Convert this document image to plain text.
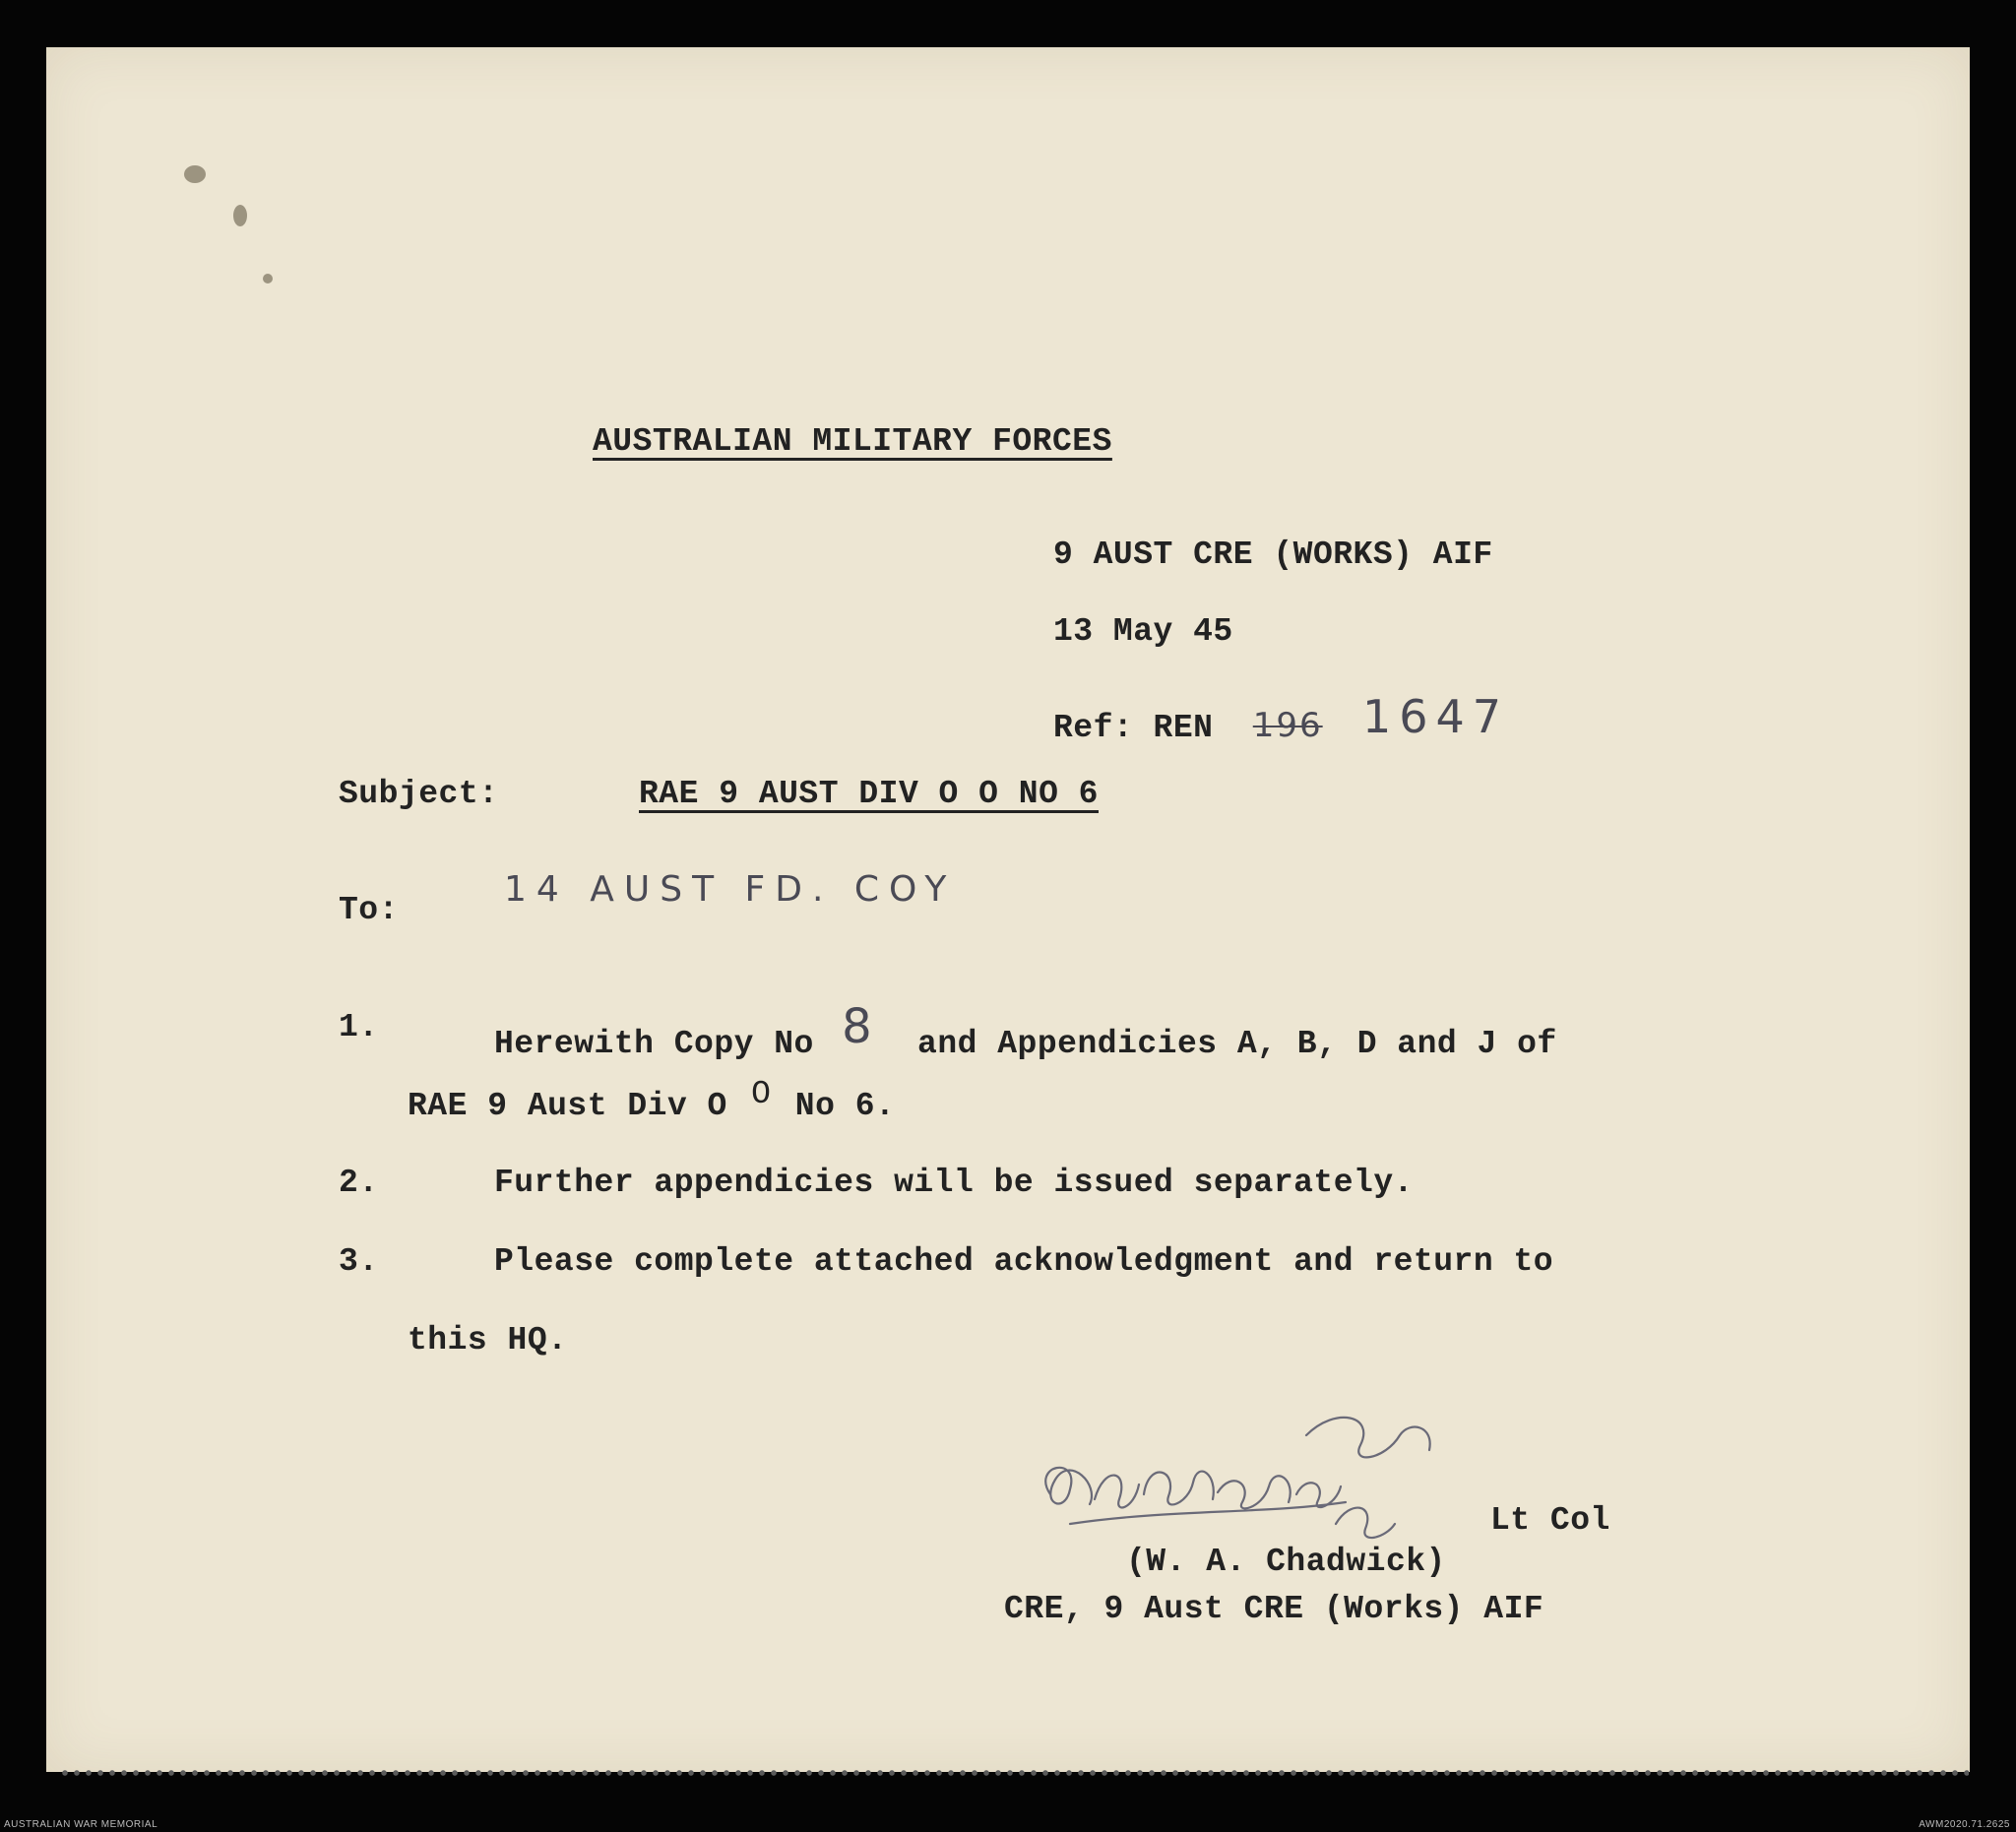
AUSTRALIAN MILITARY FORCES
9 AUST CRE (WORKS) AIF
13 May 45
Ref: REN 196 1647
Subject:	RAE 9 AUST DIV O O NO 6
To:
14 AUST FD. COY
1.	Herewith Copy No 8 and Appendicies A, B, D and J of
RAE 9 Aust Div O O No 6.
2.	Further appendicies will be issued separately.
3.	Please complete attached acknowledgment and return to
this HQ.
Lt Col
(W. A. Chadwick)
CRE, 9 Aust CRE (Works) AIF
AUSTRALIAN WAR MEMORIAL	AWM2020.71.2625
